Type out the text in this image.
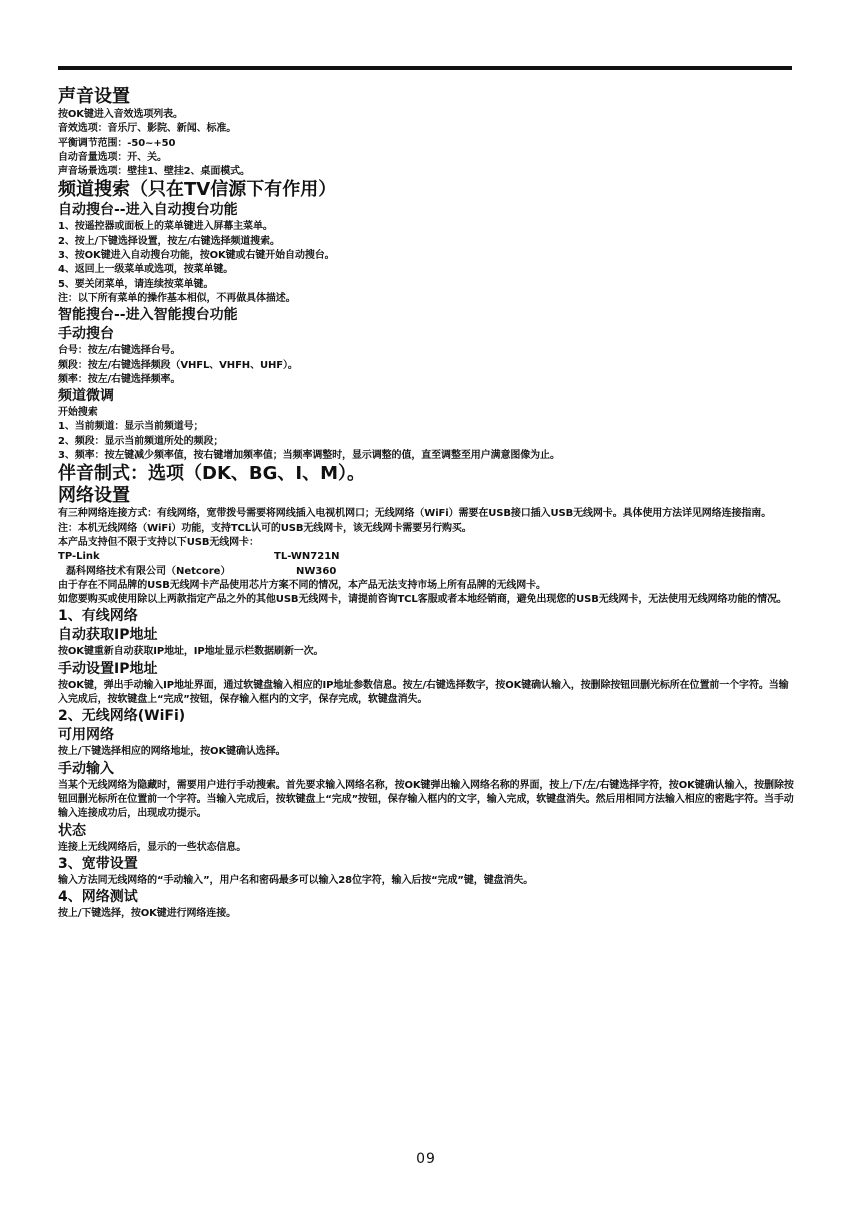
声音设置
按OK键进入音效选项列表。
音效选项：音乐厅、影院、新闻、标准。
平衡调节范围：-50~+50
自动音量选项：开、关。
声音场景选项：壁挂1、壁挂2、桌面模式。
频道搜索（只在TV信源下有作用）
自动搜台--进入自动搜台功能
1、按遥控器或面板上的菜单键进入屏幕主菜单。
2、按上/下键选择设置，按左/右键选择频道搜索。
3、按OK键进入自动搜台功能，按OK键或右键开始自动搜台。
4、返回上一级菜单或选项，按菜单键。
5、要关闭菜单，请连续按菜单键。
注：以下所有菜单的操作基本相似，不再做具体描述。
智能搜台--进入智能搜台功能
手动搜台
台号：按左/右键选择台号。
频段：按左/右键选择频段（VHFL、VHFH、UHF）。
频率：按左/右键选择频率。
频道微调
开始搜索
1、当前频道：显示当前频道号；
2、频段：显示当前频道所处的频段；
3、频率：按左键减少频率值，按右键增加频率值；当频率调整时，显示调整的值，直至调整至用户满意图像为止。
伴音制式：选项（DK、BG、I、M）。
网络设置
有三种网络连接方式：有线网络，宽带拨号需要将网线插入电视机网口；无线网络（WiFi）需要在USB接口插入USB无线网卡。具体使用方法详见网络连接指南。
注：本机无线网络（WiFi）功能，支持TCL认可的USB无线网卡，该无线网卡需要另行购买。
本产品支持但不限于支持以下USB无线网卡：
TP-Link	TL-WN721N
磊科网络技术有限公司（Netcore）	NW360
由于存在不同品牌的USB无线网卡产品使用芯片方案不同的情况，本产品无法支持市场上所有品牌的无线网卡。
如您要购买或使用除以上两款指定产品之外的其他USB无线网卡，请提前咨询TCL客服或者本地经销商，避免出现您的USB无线网卡，无法使用无线网络功能的情况。
1、有线网络
自动获取IP地址
按OK键重新自动获取IP地址，IP地址显示栏数据刷新一次。
手动设置IP地址
按OK键，弹出手动输入IP地址界面，通过软键盘输入相应的IP地址参数信息。按左/右键选择数字，按OK键确认输入，按删除按钮回删光标所在位置前一个字符。当输入完成后，按软键盘上“完成”按钮，保存输入框内的文字，保存完成，软键盘消失。
2、无线网络(WiFi)
可用网络
按上/下键选择相应的网络地址，按OK键确认选择。
手动输入
当某个无线网络为隐藏时，需要用户进行手动搜索。首先要求输入网络名称，按OK键弹出输入网络名称的界面，按上/下/左/右键选择字符，按OK键确认输入，按删除按钮回删光标所在位置前一个字符。当输入完成后，按软键盘上“完成”按钮，保存输入框内的文字，输入完成，软键盘消失。然后用相同方法输入相应的密匙字符。当手动输入连接成功后，出现成功提示。
状态
连接上无线网络后，显示的一些状态信息。
3、宽带设置
输入方法同无线网络的“手动输入”，用户名和密码最多可以输入28位字符，输入后按“完成”键，键盘消失。
4、网络测试
按上/下键选择，按OK键进行网络连接。
09
